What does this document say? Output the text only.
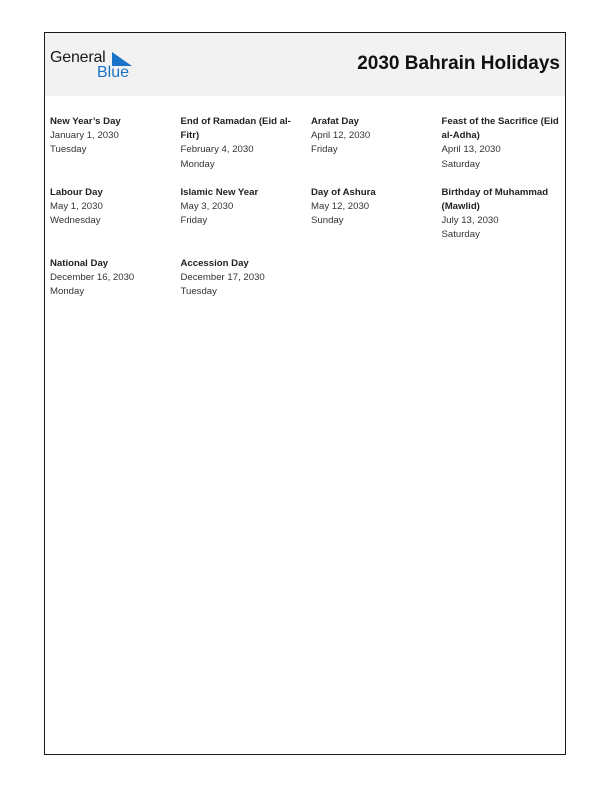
General
Blue	2030 Bahrain Holidays
New Year’s Day
January 1, 2030
Tuesday
End of Ramadan (Eid al-Fitr)
February 4, 2030
Monday
Arafat Day
April 12, 2030
Friday
Feast of the Sacrifice (Eid al-Adha)
April 13, 2030
Saturday
Labour Day
May 1, 2030
Wednesday
Islamic New Year
May 3, 2030
Friday
Day of Ashura
May 12, 2030
Sunday
Birthday of Muhammad (Mawlid)
July 13, 2030
Saturday
National Day
December 16, 2030
Monday
Accession Day
December 17, 2030
Tuesday
